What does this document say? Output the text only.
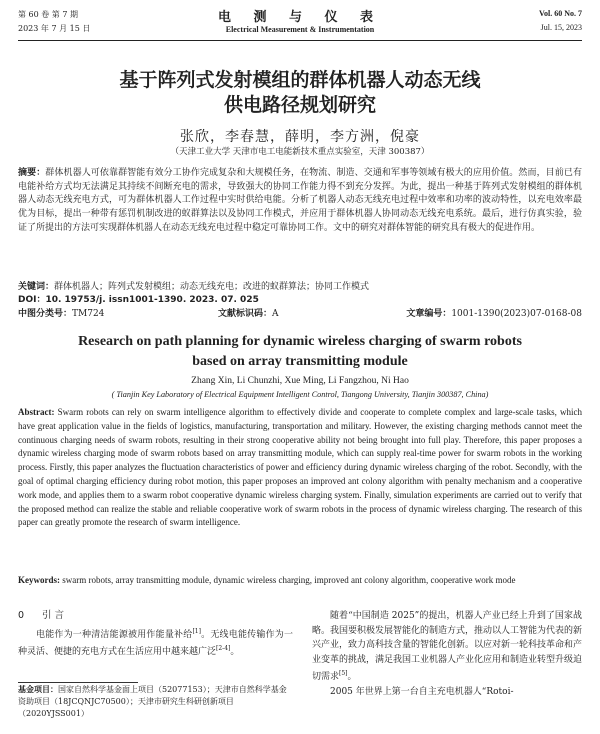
第 60 卷 第 7 期
2023 年 7 月 15 日
电 测 与 仪 表
Electrical Measurement & Instrumentation
Vol. 60 No. 7
Jul. 15, 2023
基于阵列式发射模组的群体机器人动态无线
供电路径规划研究
张欣，李春慧，薛明，李方洲，倪豪
（天津工业大学 天津市电工电能新技术重点实验室，天津 300387）
摘要：群体机器人可依靠群智能有效分工协作完成复杂和大规模任务，在物流、制造、交通和军事等领域有极大的应用价值。然而，目前已有电能补给方式均无法满足其持续不间断充电的需求，导致强大的协同工作能力得不到充分发挥。为此，提出一种基于阵列式发射模组的群体机器人动态无线充电方式，可为群体机器人工作过程中实时供给电能。分析了机器人动态无线充电过程中效率和功率的波动特性，以充电效率最优为目标，提出一种带有惩罚机制改进的蚁群算法以及协同工作模式，并应用于群体机器人协同动态无线充电系统。最后，进行仿真实验，验证了所提出的方法可实现群体机器人在动态无线充电过程中稳定可靠协同工作。文中的研究对群体智能的研究具有极大的促进作用。
关键词：群体机器人；阵列式发射模组；动态无线充电；改进的蚁群算法；协同工作模式
DOI：10. 19753/j. issn1001-1390. 2023. 07. 025
中图分类号：TM724	文献标识码：A	文章编号：1001-1390(2023)07-0168-08
Research on path planning for dynamic wireless charging of swarm robots
based on array transmitting module
Zhang Xin, Li Chunzhi, Xue Ming, Li Fangzhou, Ni Hao
( Tianjin Key Laboratory of Electrical Equipment Intelligent Control, Tiangong University, Tianjin 300387, China)
Abstract: Swarm robots can rely on swarm intelligence algorithm to effectively divide and cooperate to complete complex and large-scale tasks, which have great application value in the fields of logistics, manufacturing, transportation and military. However, the existing charging methods cannot meet the continuous charging needs of swarm robots, resulting in their strong cooperative ability not being brought into full play. Therefore, this paper proposes a dynamic wireless charging mode of swarm robots based on array transmitting module, which can supply real-time power for swarm robots in the working process. Firstly, this paper analyzes the fluctuation characteristics of power and efficiency during dynamic wireless charging of the robot. Secondly, with the goal of optimal charging efficiency during robot motion, this paper proposes an improved ant colony algorithm with penalty mechanism and a cooperative work mode, and applies them to a swarm robot cooperative dynamic wireless charging system. Finally, simulation experiments are carried out to verify that the proposed method can realize the stable and reliable cooperative work of swarm robots in the process of dynamic wireless charging. The research of this paper can greatly promote the research of swarm intelligence.
Keywords: swarm robots, array transmitting module, dynamic wireless charging, improved ant colony algorithm, cooperative work mode
0 引 言
电能作为一种清洁能源被用作能量补给[1]。无线电能传输作为一种灵活、便捷的充电方式在生活应用中越来越广泛[2-4]。
基金项目：国家自然科学基金面上项目（52077153）；天津市自然科学基金资助项目（18JCQNJC70500）；天津市研究生科研创新项目（2020YJSS001）
随着“中国制造 2025”的提出，机器人产业已经上升到了国家战略。我国要积极发展智能化的制造方式，推动以人工智能为代表的新兴产业，致力高科技含量的智能化创新。以应对新一轮科技革命和产业变革的挑战，满足我国工业机器人产业化应用和制造业转型升级迫切需求[5]。
2005 年世界上第一台自主充电机器人“Rotoi-
